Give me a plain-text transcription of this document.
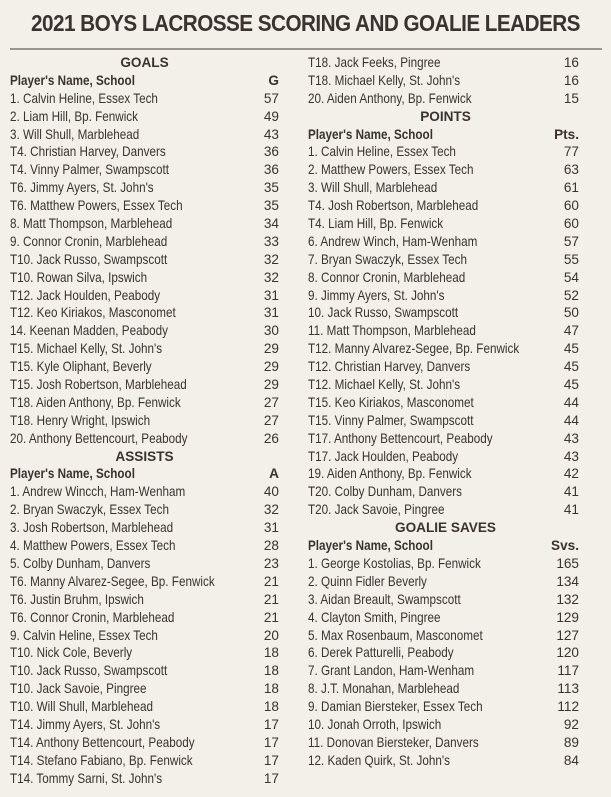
2021 BOYS LACROSSE SCORING AND GOALIE LEADERS
GOALS
Player's Name, School	G
1. Calvin Heline, Essex Tech	57
2. Liam Hill, Bp. Fenwick	49
3. Will Shull, Marblehead	43
T4. Christian Harvey, Danvers	36
T4. Vinny Palmer, Swampscott	36
T6. Jimmy Ayers, St. John's	35
T6. Matthew Powers, Essex Tech	35
8. Matt Thompson, Marblehead	34
9. Connor Cronin, Marblehead	33
T10. Jack Russo, Swampscott	32
T10. Rowan Silva, Ipswich	32
T12. Jack Houlden, Peabody	31
T12. Keo Kiriakos, Masconomet	31
14. Keenan Madden, Peabody	30
T15. Michael Kelly, St. John's	29
T15. Kyle Oliphant, Beverly	29
T15. Josh Robertson, Marblehead	29
T18. Aiden Anthony, Bp. Fenwick	27
T18. Henry Wright, Ipswich	27
20. Anthony Bettencourt, Peabody	26
ASSISTS
Player's Name, School	A
1. Andrew Wincch, Ham-Wenham	40
2. Bryan Swaczyk, Essex Tech	32
3. Josh Robertson, Marblehead	31
4. Matthew Powers, Essex Tech	28
5. Colby Dunham, Danvers	23
T6. Manny Alvarez-Segee, Bp. Fenwick	21
T6. Justin Bruhm, Ipswich	21
T6. Connor Cronin, Marblehead	21
9. Calvin Heline, Essex Tech	20
T10. Nick Cole, Beverly	18
T10. Jack Russo, Swampscott	18
T10. Jack Savoie, Pingree	18
T10. Will Shull, Marblehead	18
T14. Jimmy Ayers, St. John's	17
T14. Anthony Bettencourt, Peabody	17
T14. Stefano Fabiano, Bp. Fenwick	17
T14. Tommy Sarni, St. John's	17
T18. Jack Feeks, Pingree	16
T18. Michael Kelly, St. John's	16
20. Aiden Anthony, Bp. Fenwick	15
POINTS
Player's Name, School	Pts.
1. Calvin Heline, Essex Tech	77
2. Matthew Powers, Essex Tech	63
3. Will Shull, Marblehead	61
T4. Josh Robertson, Marblehead	60
T4. Liam Hill, Bp. Fenwick	60
6. Andrew Winch, Ham-Wenham	57
7. Bryan Swaczyk, Essex Tech	55
8. Connor Cronin, Marblehead	54
9. Jimmy Ayers, St. John's	52
10. Jack Russo, Swampscott	50
11. Matt Thompson, Marblehead	47
T12. Manny Alvarez-Segee, Bp. Fenwick	45
T12. Christian Harvey, Danvers	45
T12. Michael Kelly, St. John's	45
T15. Keo Kiriakos, Masconomet	44
T15. Vinny Palmer, Swampscott	44
T17. Anthony Bettencourt, Peabody	43
T17. Jack Houlden, Peabody	43
19. Aiden Anthony, Bp. Fenwick	42
T20. Colby Dunham, Danvers	41
T20. Jack Savoie, Pingree	41
GOALIE SAVES
Player's Name, School	Svs.
1. George Kostolias, Bp. Fenwick	165
2. Quinn Fidler Beverly	134
3. Aidan Breault, Swampscott	132
4. Clayton Smith, Pingree	129
5. Max Rosenbaum, Masconomet	127
6. Derek Patturelli, Peabody	120
7. Grant Landon, Ham-Wenham	117
8. J.T. Monahan, Marblehead	113
9. Damian Biersteker, Essex Tech	112
10. Jonah Orroth, Ipswich	92
11. Donovan Biersteker, Danvers	89
12. Kaden Quirk, St. John's	84
